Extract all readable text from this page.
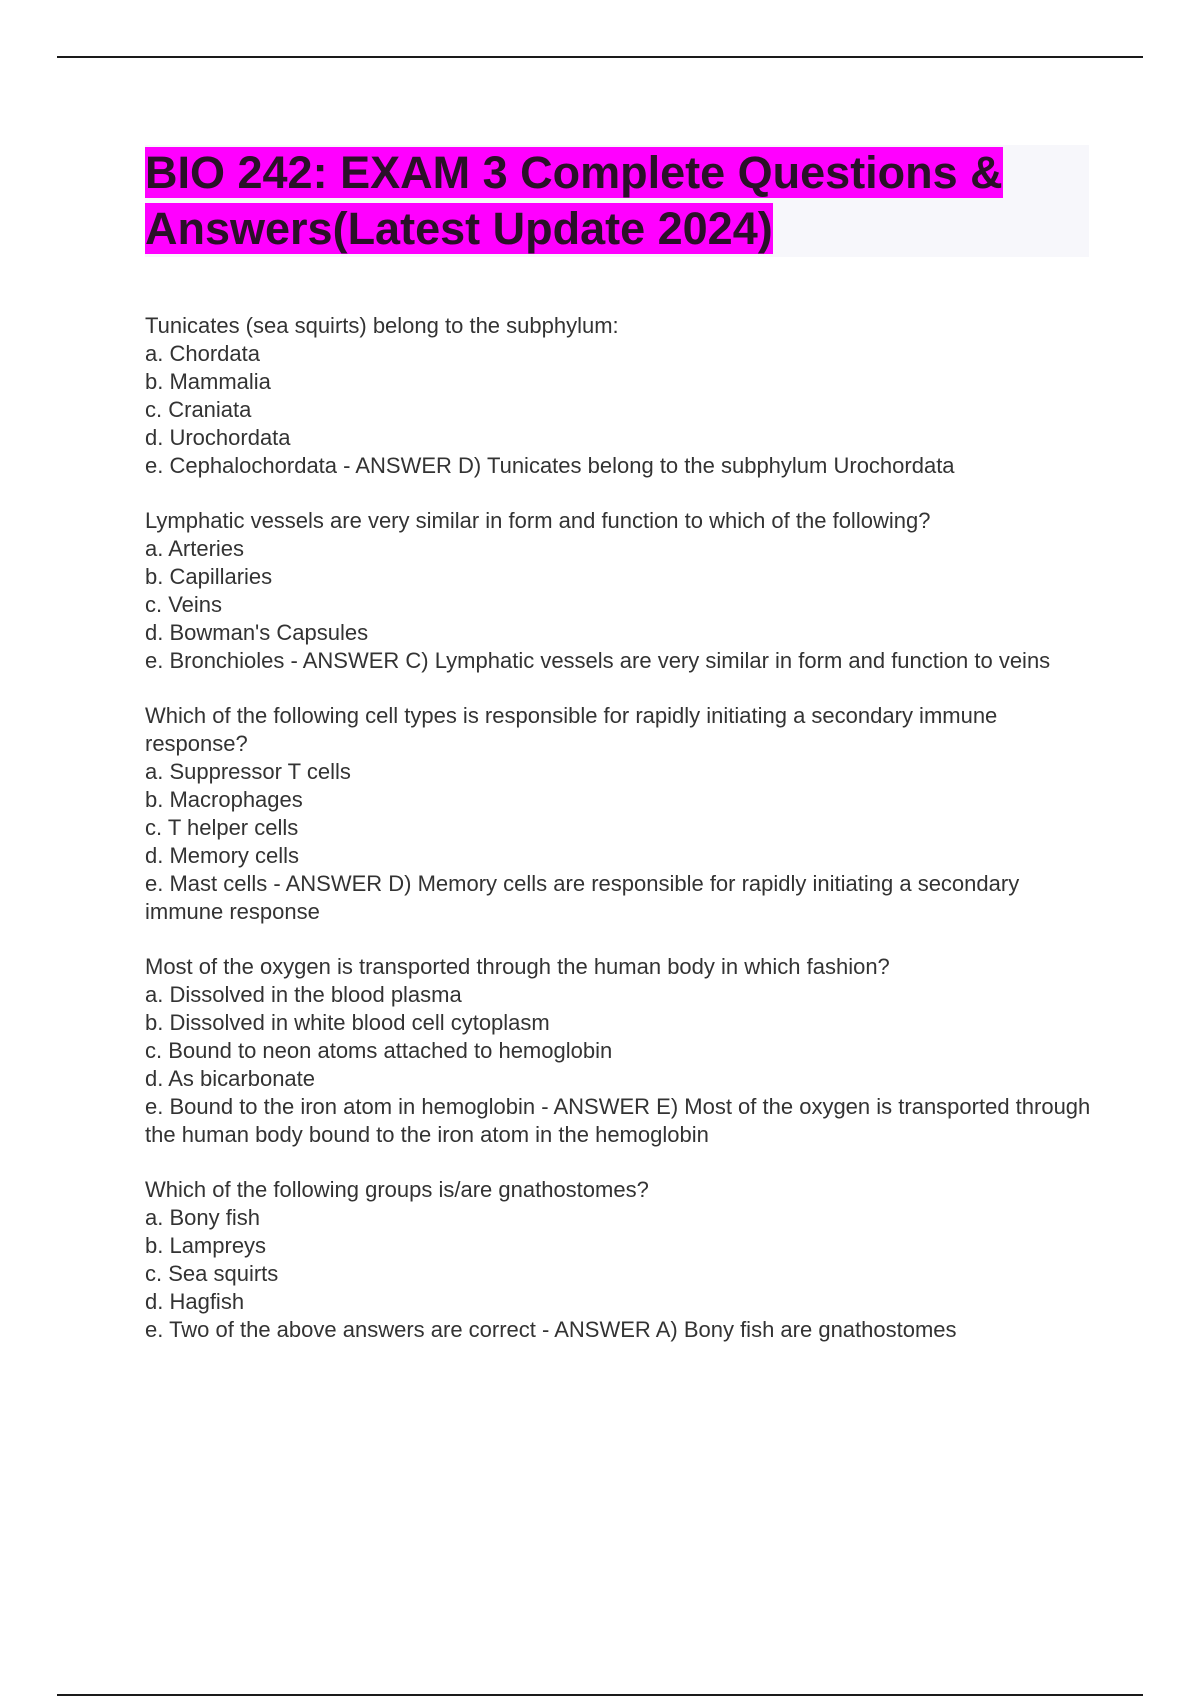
BIO 242: EXAM 3 Complete Questions &
Answers(Latest Update 2024)
Tunicates (sea squirts) belong to the subphylum:
a. Chordata
b. Mammalia
c. Craniata
d. Urochordata
e. Cephalochordata - ANSWER D) Tunicates belong to the subphylum Urochordata
Lymphatic vessels are very similar in form and function to which of the following?
a. Arteries
b. Capillaries
c. Veins
d. Bowman's Capsules
e. Bronchioles - ANSWER C) Lymphatic vessels are very similar in form and function to veins
Which of the following cell types is responsible for rapidly initiating a secondary immune response?
a. Suppressor T cells
b. Macrophages
c. T helper cells
d. Memory cells
e. Mast cells - ANSWER D) Memory cells are responsible for rapidly initiating a secondary immune response
Most of the oxygen is transported through the human body in which fashion?
a. Dissolved in the blood plasma
b. Dissolved in white blood cell cytoplasm
c. Bound to neon atoms attached to hemoglobin
d. As bicarbonate
e. Bound to the iron atom in hemoglobin - ANSWER E) Most of the oxygen is transported through the human body bound to the iron atom in the hemoglobin
Which of the following groups is/are gnathostomes?
a. Bony fish
b. Lampreys
c. Sea squirts
d. Hagfish
e. Two of the above answers are correct - ANSWER A) Bony fish are gnathostomes
